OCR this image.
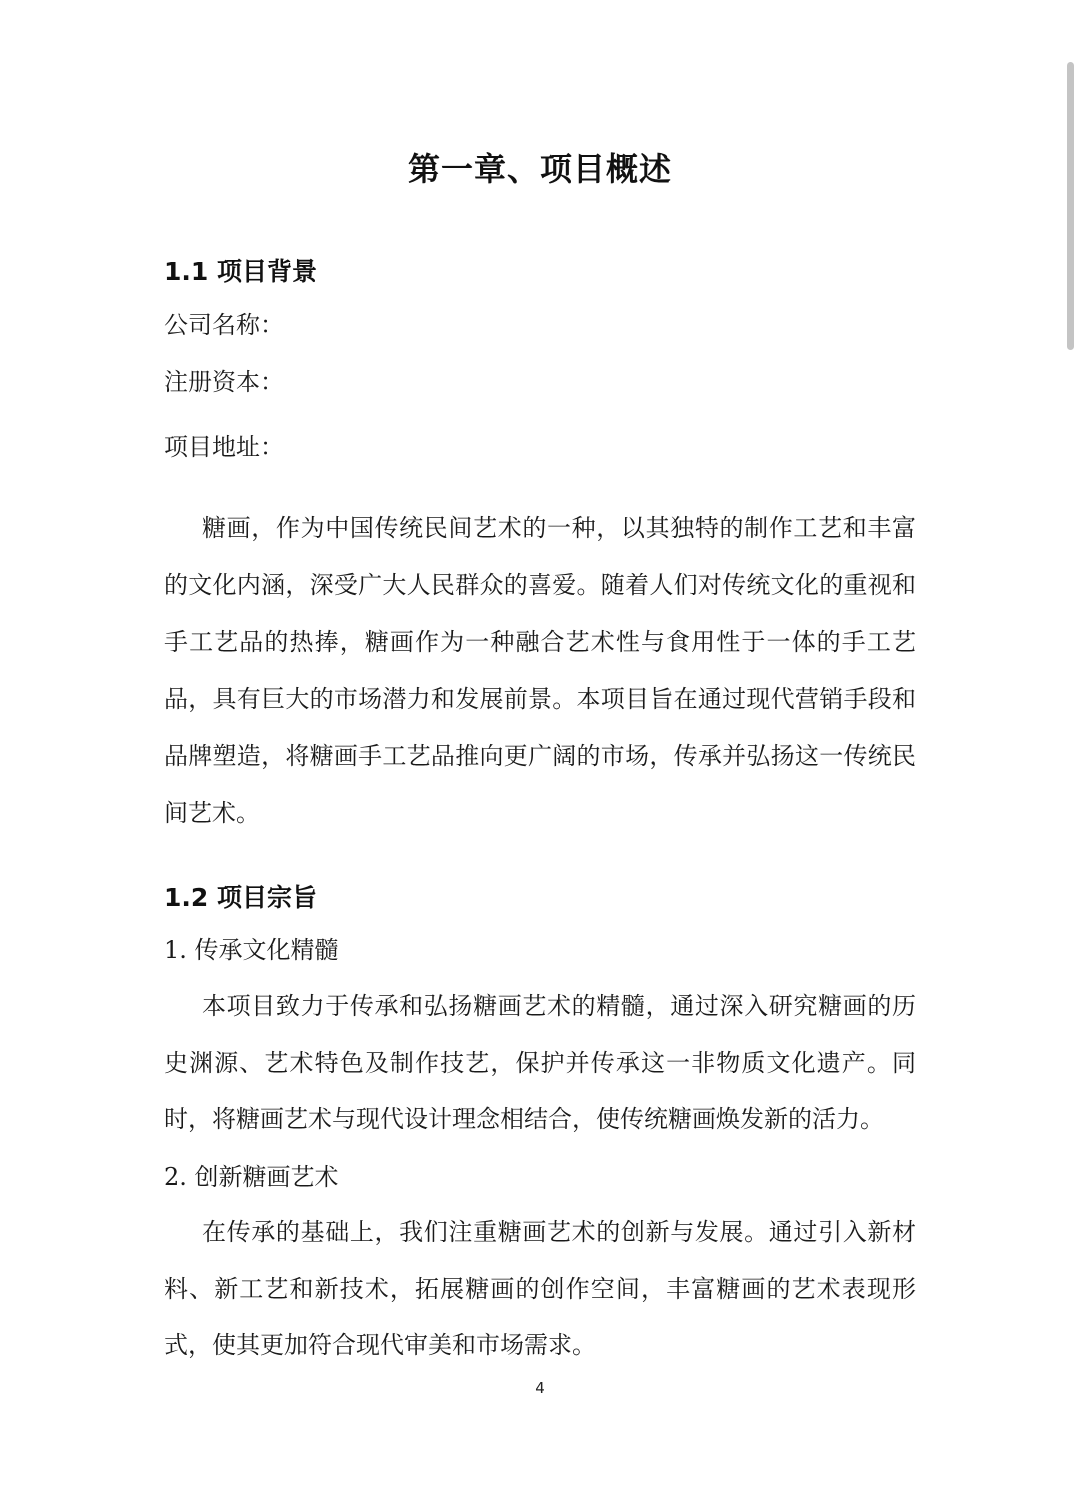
第一章、项目概述
1.1 项目背景

公司名称：

注册资本：

项目地址：

糖画，作为中国传统民间艺术的一种，以其独特的制作工艺和丰富的文化内涵，深受广大人民群众的喜爱。随着人们对传统文化的重视和手工艺品的热捧，糖画作为一种融合艺术性与食用性于一体的手工艺品，具有巨大的市场潜力和发展前景。本项目旨在通过现代营销手段和品牌塑造，将糖画手工艺品推向更广阔的市场，传承并弘扬这一传统民间艺术。

1.2 项目宗旨

1. 传承文化精髓

本项目致力于传承和弘扬糖画艺术的精髓，通过深入研究糖画的历史渊源、艺术特色及制作技艺，保护并传承这一非物质文化遗产。同时，将糖画艺术与现代设计理念相结合，使传统糖画焕发新的活力。

2. 创新糖画艺术

在传承的基础上，我们注重糖画艺术的创新与发展。通过引入新材料、新工艺和新技术，拓展糖画的创作空间，丰富糖画的艺术表现形式，使其更加符合现代审美和市场需求。

4
